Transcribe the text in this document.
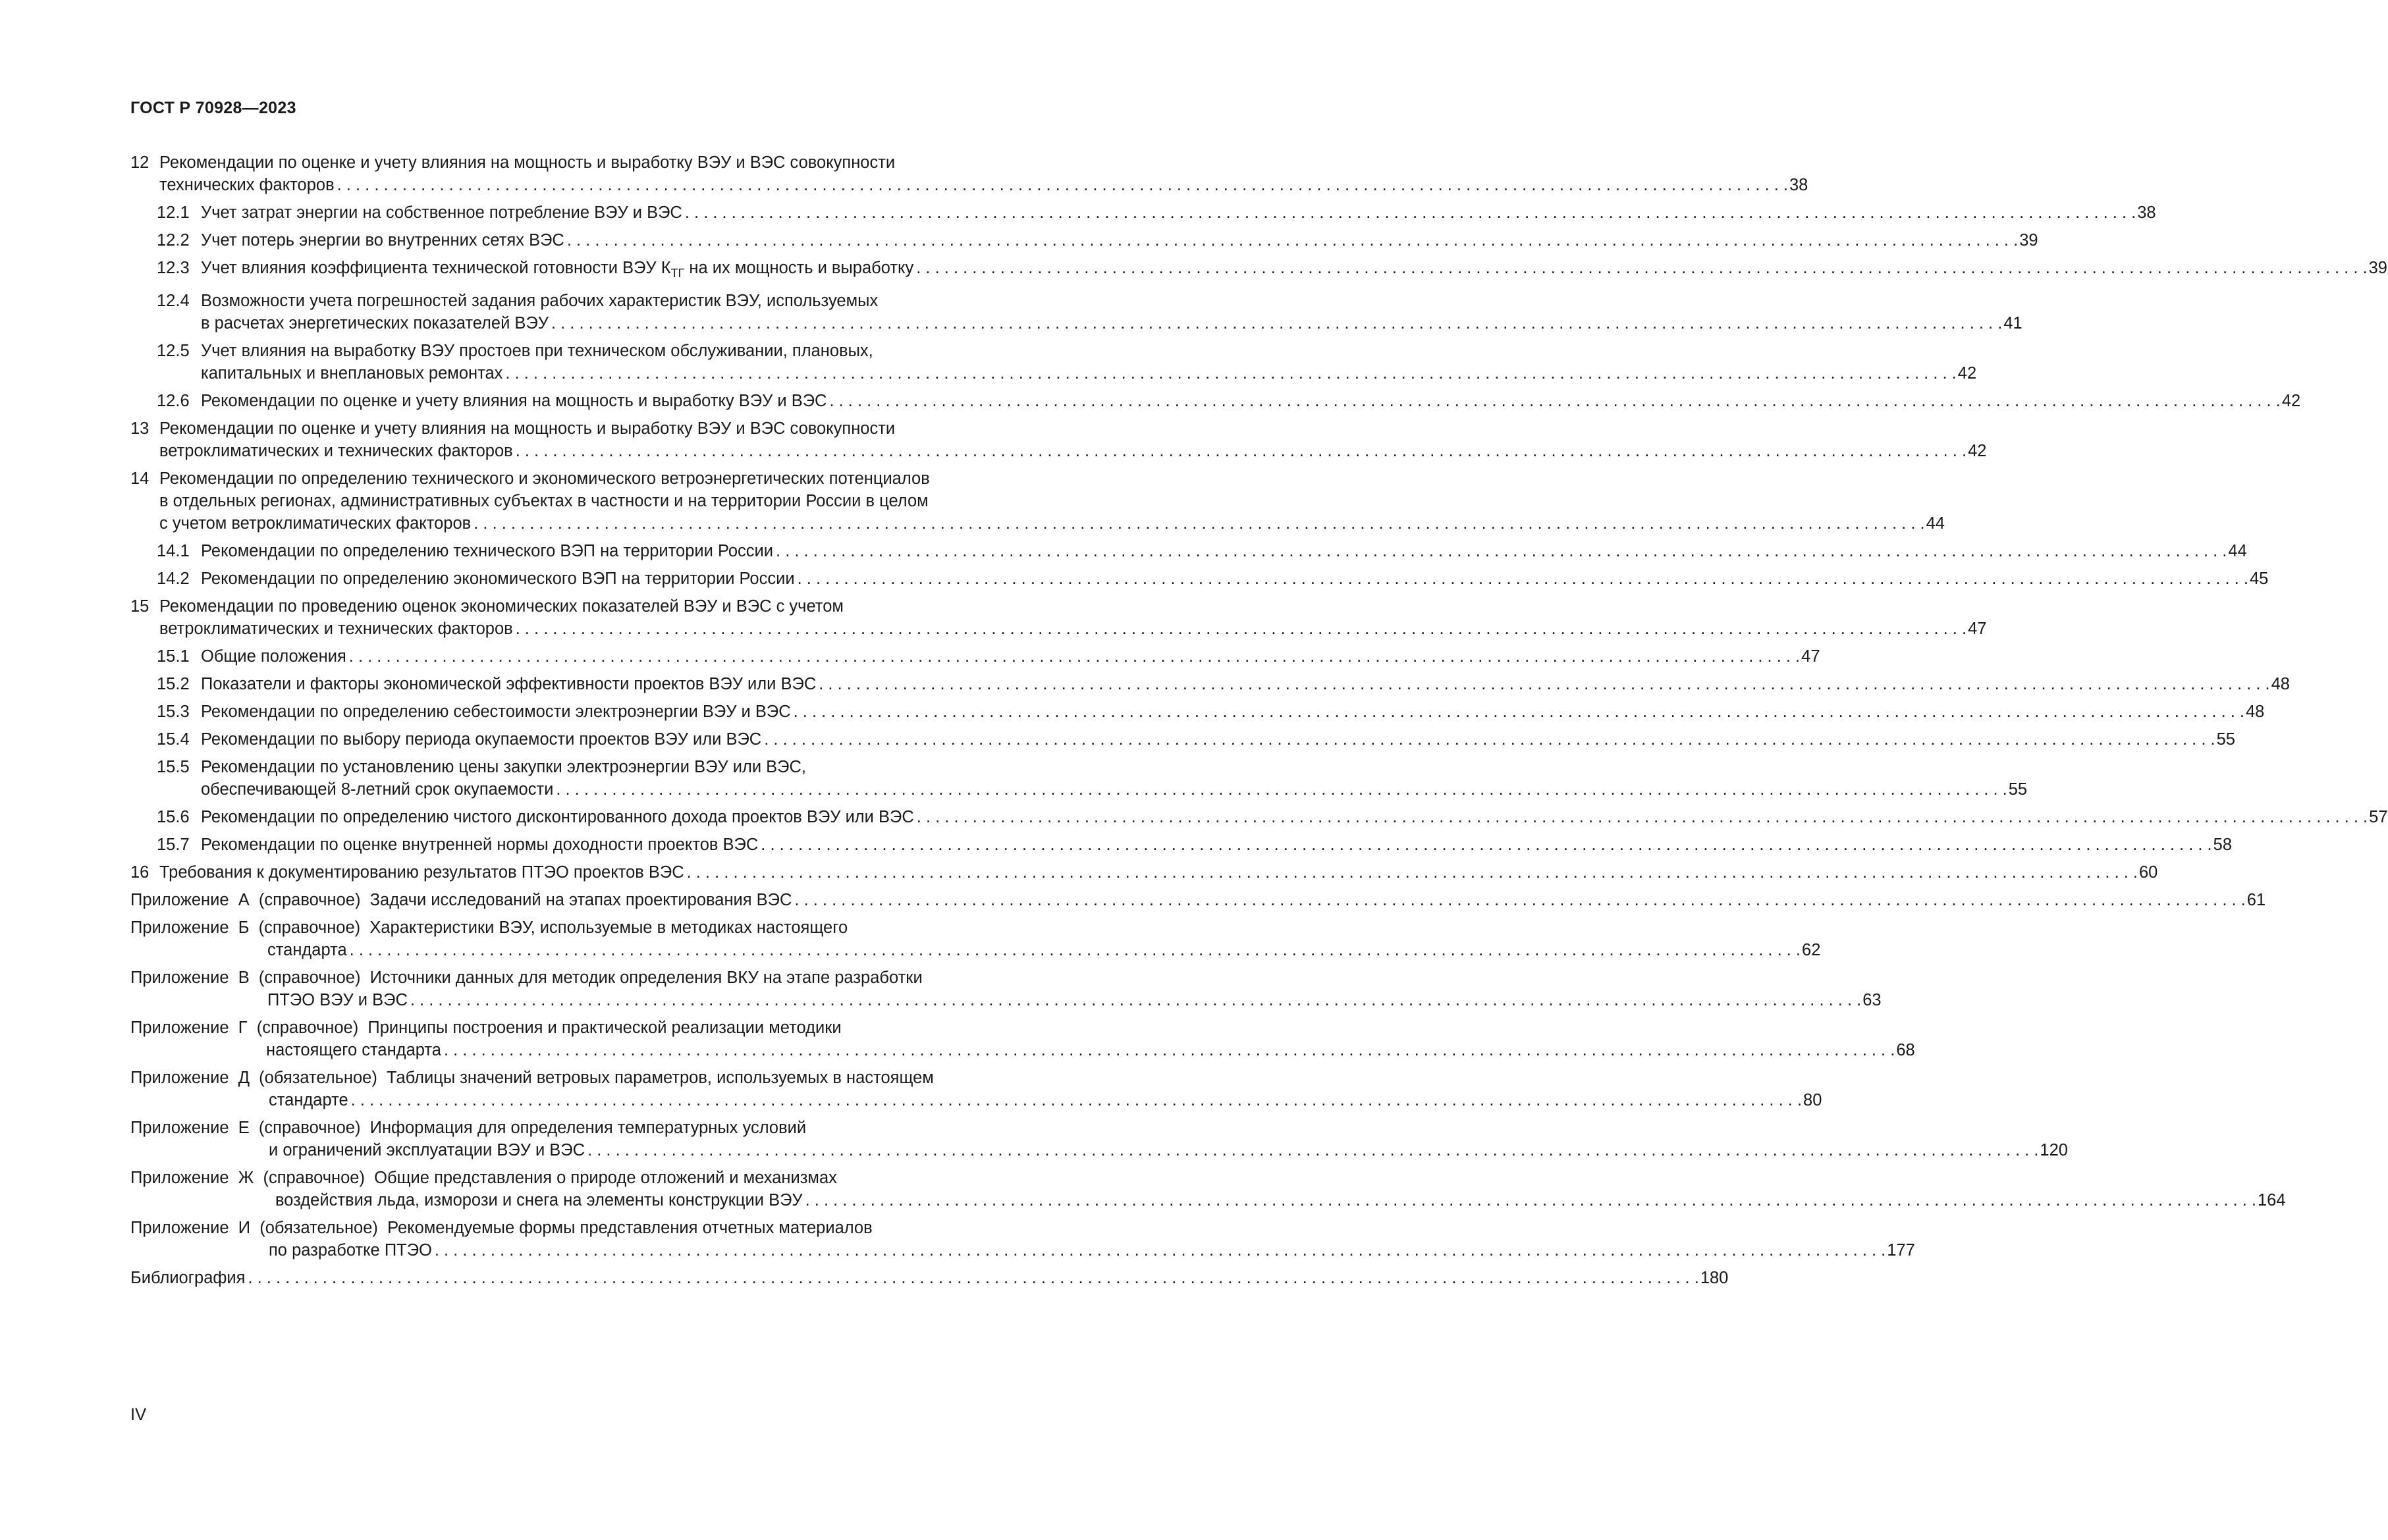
ГОСТ Р 70928—2023
12 Рекомендации по оценке и учету влияния на мощность и выработку ВЭУ и ВЭС совокупности
технических факторов . . .	38
12.1 Учет затрат энергии на собственное потребление ВЭУ и ВЭС . . .	38
12.2 Учет потерь энергии во внутренних сетях ВЭС . . .	39
12.3 Учет влияния коэффициента технической готовности ВЭУ $К_{ТГ}$ на их мощность и выработку . . .	39
12.4 Возможности учета погрешностей задания рабочих характеристик ВЭУ, используемых
в расчетах энергетических показателей ВЭУ . . .	41
12.5 Учет влияния на выработку ВЭУ простоев при техническом обслуживании, плановых,
капитальных и внеплановых ремонтах . . .	42
12.6 Рекомендации по оценке и учету влияния на мощность и выработку ВЭУ и ВЭС . . .	42
13 Рекомендации по оценке и учету влияния на мощность и выработку ВЭУ и ВЭС совокупности
ветроклиматических и технических факторов . . .	42
14 Рекомендации по определению технического и экономического ветроэнергетических потенциалов
в отдельных регионах, административных субъектах в частности и на территории России в целом
с учетом ветроклиматических факторов . . .	44
14.1 Рекомендации по определению технического ВЭП на территории России . . .	44
14.2 Рекомендации по определению экономического ВЭП на территории России . . .	45
15 Рекомендации по проведению оценок экономических показателей ВЭУ и ВЭС с учетом
ветроклиматических и технических факторов . . .	47
15.1 Общие положения . . .	47
15.2 Показатели и факторы экономической эффективности проектов ВЭУ или ВЭС . . .	48
15.3 Рекомендации по определению себестоимости электроэнергии ВЭУ и ВЭС . . .	48
15.4 Рекомендации по выбору периода окупаемости проектов ВЭУ или ВЭС . . .	55
15.5 Рекомендации по установлению цены закупки электроэнергии ВЭУ или ВЭС,
обеспечивающей 8-летний срок окупаемости . . .	55
15.6 Рекомендации по определению чистого дисконтированного дохода проектов ВЭУ или ВЭС . . .	57
15.7 Рекомендации по оценке внутренней нормы доходности проектов ВЭС . . .	58
16 Требования к документированию результатов ПТЭО проектов ВЭС . . .	60
Приложение  А  (справочное) Задачи исследований на этапах проектирования ВЭС . . .	61
Приложение  Б  (справочное) Характеристики ВЭУ, используемые в методиках настоящего
стандарта . . .	62
Приложение  В  (справочное) Источники данных для методик определения ВКУ на этапе разработки
ПТЭО ВЭУ и ВЭС . . .	63
Приложение  Г  (справочное) Принципы построения и практической реализации методики
настоящего стандарта . . .	68
Приложение  Д  (обязательное) Таблицы значений ветровых параметров, используемых в настоящем
стандарте . . .	80
Приложение  Е  (справочное) Информация для определения температурных условий
и ограничений эксплуатации ВЭУ и ВЭС . . .	120
Приложение  Ж  (справочное) Общие представления о природе отложений и механизмах
воздействия льда, изморози и снега на элементы конструкции ВЭУ . . .	164
Приложение  И  (обязательное) Рекомендуемые формы представления отчетных материалов
по разработке ПТЭО . . .	177
Библиография . . .	180
IV
